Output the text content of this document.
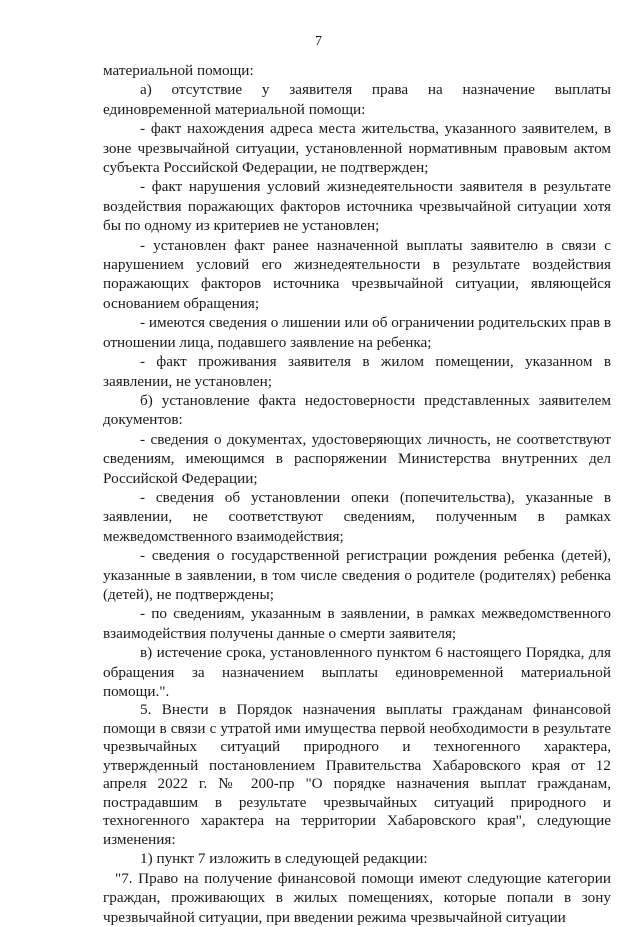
7

материальной помощи:

а) отсутствие у заявителя права на назначение выплаты единовременной материальной помощи:

- факт нахождения адреса места жительства, указанного заявителем, в зоне чрезвычайной ситуации, установленной нормативным правовым актом субъекта Российской Федерации, не подтвержден;

- факт нарушения условий жизнедеятельности заявителя в результате воздействия поражающих факторов источника чрезвычайной ситуации хотя бы по одному из критериев не установлен;

- установлен факт ранее назначенной выплаты заявителю в связи с нарушением условий его жизнедеятельности в результате воздействия поражающих факторов источника чрезвычайной ситуации, являющейся основанием обращения;

- имеются сведения о лишении или об ограничении родительских прав в отношении лица, подавшего заявление на ребенка;

- факт проживания заявителя в жилом помещении, указанном в заявлении, не установлен;

б) установление факта недостоверности представленных заявителем документов:

- сведения о документах, удостоверяющих личность, не соответствуют сведениям, имеющимся в распоряжении Министерства внутренних дел Российской Федерации;

- сведения об установлении опеки (попечительства), указанные в заявлении, не соответствуют сведениям, полученным в рамках межведомственного взаимодействия;

- сведения о государственной регистрации рождения ребенка (детей), указанные в заявлении, в том числе сведения о родителе (родителях) ребенка (детей), не подтверждены;

- по сведениям, указанным в заявлении, в рамках межведомственного взаимодействия получены данные о смерти заявителя;

в) истечение срока, установленного пунктом 6 настоящего Порядка, для обращения за назначением выплаты единовременной материальной помощи.".

5. Внести в Порядок назначения выплаты гражданам финансовой помощи в связи с утратой ими имущества первой необходимости в результате чрезвычайных ситуаций природного и техногенного характера, утвержденный постановлением Правительства Хабаровского края от 12 апреля 2022 г. № 200-пр "О порядке назначения выплат гражданам, пострадавшим в результате чрезвычайных ситуаций природного и техногенного характера на территории Хабаровского края", следующие изменения:

1) пункт 7 изложить в следующей редакции:

"7. Право на получение финансовой помощи имеют следующие категории граждан, проживающих в жилых помещениях, которые попали в зону чрезвычайной ситуации, при введении режима чрезвычайной ситуации
